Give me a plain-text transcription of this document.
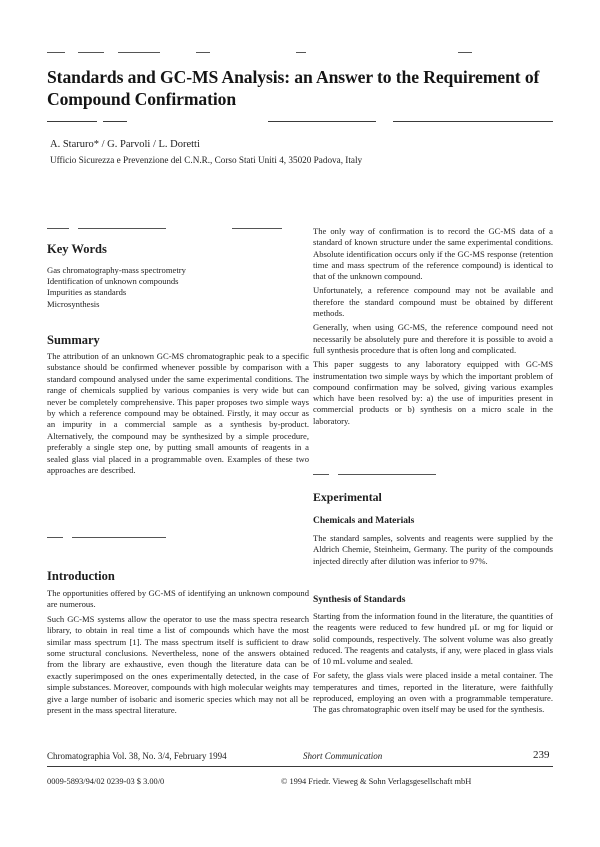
Standards and GC-MS Analysis: an Answer to the Requirement of Compound Confirmation
A. Staruro* / G. Parvoli / L. Doretti
Ufficio Sicurezza e Prevenzione del C.N.R., Corso Stati Uniti 4, 35020 Padova, Italy
Key Words
Gas chromatography-mass spectrometry
Identification of unknown compounds
Impurities as standards
Microsynthesis
Summary
The attribution of an unknown GC-MS chromatographic peak to a specific substance should be confirmed whenever possible by comparison with a standard compound analysed under the same experimental conditions. The range of chemicals supplied by various companies is very wide but can never be completely comprehensive. This paper proposes two simple ways by which a reference compound may be obtained. Firstly, it may occur as an impurity in a commercial sample as a synthesis by-product. Alternatively, the compound may be synthesized by a simple procedure, preferably a single step one, by putting small amounts of reagents in a sealed glass vial placed in a programmable oven. Examples of these two approaches are described.
Introduction

The opportunities offered by GC-MS of identifying an unknown compound are numerous.

Such GC-MS systems allow the operator to use the mass spectra research library, to obtain in real time a list of compounds which have the most similar mass spectrum [1]. The mass spectrum itself is sufficient to draw some structural conclusions. Nevertheless, none of the answers obtained from the library are exhaustive, even though the literature data can be exactly superimposed on the ones experimentally detected, in the case of simple substances. Moreover, compounds with high molecular weights may give a large number of isobaric and isomeric species which may not all be present in the mass spectral literature.

The only way of confirmation is to record the GC-MS data of a standard of known structure under the same experimental conditions. Absolute identification occurs only if the GC-MS response (retention time and mass spectrum of the reference compound) is identical to that of the unknown compound.

Unfortunately, a reference compound may not be available and therefore the standard compound must be obtained by different methods.

Generally, when using GC-MS, the reference compound need not necessarily be absolutely pure and therefore it is possible to avoid a full synthesis procedure that is often long and complicated.

This paper suggests to any laboratory equipped with GC-MS instrumentation two simple ways by which the important problem of compound confirmation may be solved, giving various examples which have been resolved by: a) the use of impurities present in commercial products or b) synthesis on a micro scale in the laboratory.

Experimental
Chemicals and Materials
The standard samples, solvents and reagents were supplied by the Aldrich Chemie, Steinheim, Germany. The purity of the compounds injected directly after dilution was inferior to 97%.
Synthesis of Standards

Starting from the information found in the literature, the quantities of the reagents were reduced to few hundred µL or mg for liquid or solid compounds, respectively. The solvent volume was also greatly reduced. The reagents and catalysts, if any, were placed in glass vials of 10 mL volume and sealed.

For safety, the glass vials were placed inside a metal container. The temperatures and times, reported in the literature, were faithfully reproduced, employing an oven with a programmable temperature. The gas chromatographic oven itself may be used for the synthesis.

Chromatographia Vol. 38, No. 3/4, February 1994	Short Communication	239
0009-5893/94/02 0239-03 $ 3.00/0	© 1994 Friedr. Vieweg & Sohn Verlagsgesellschaft mbH
